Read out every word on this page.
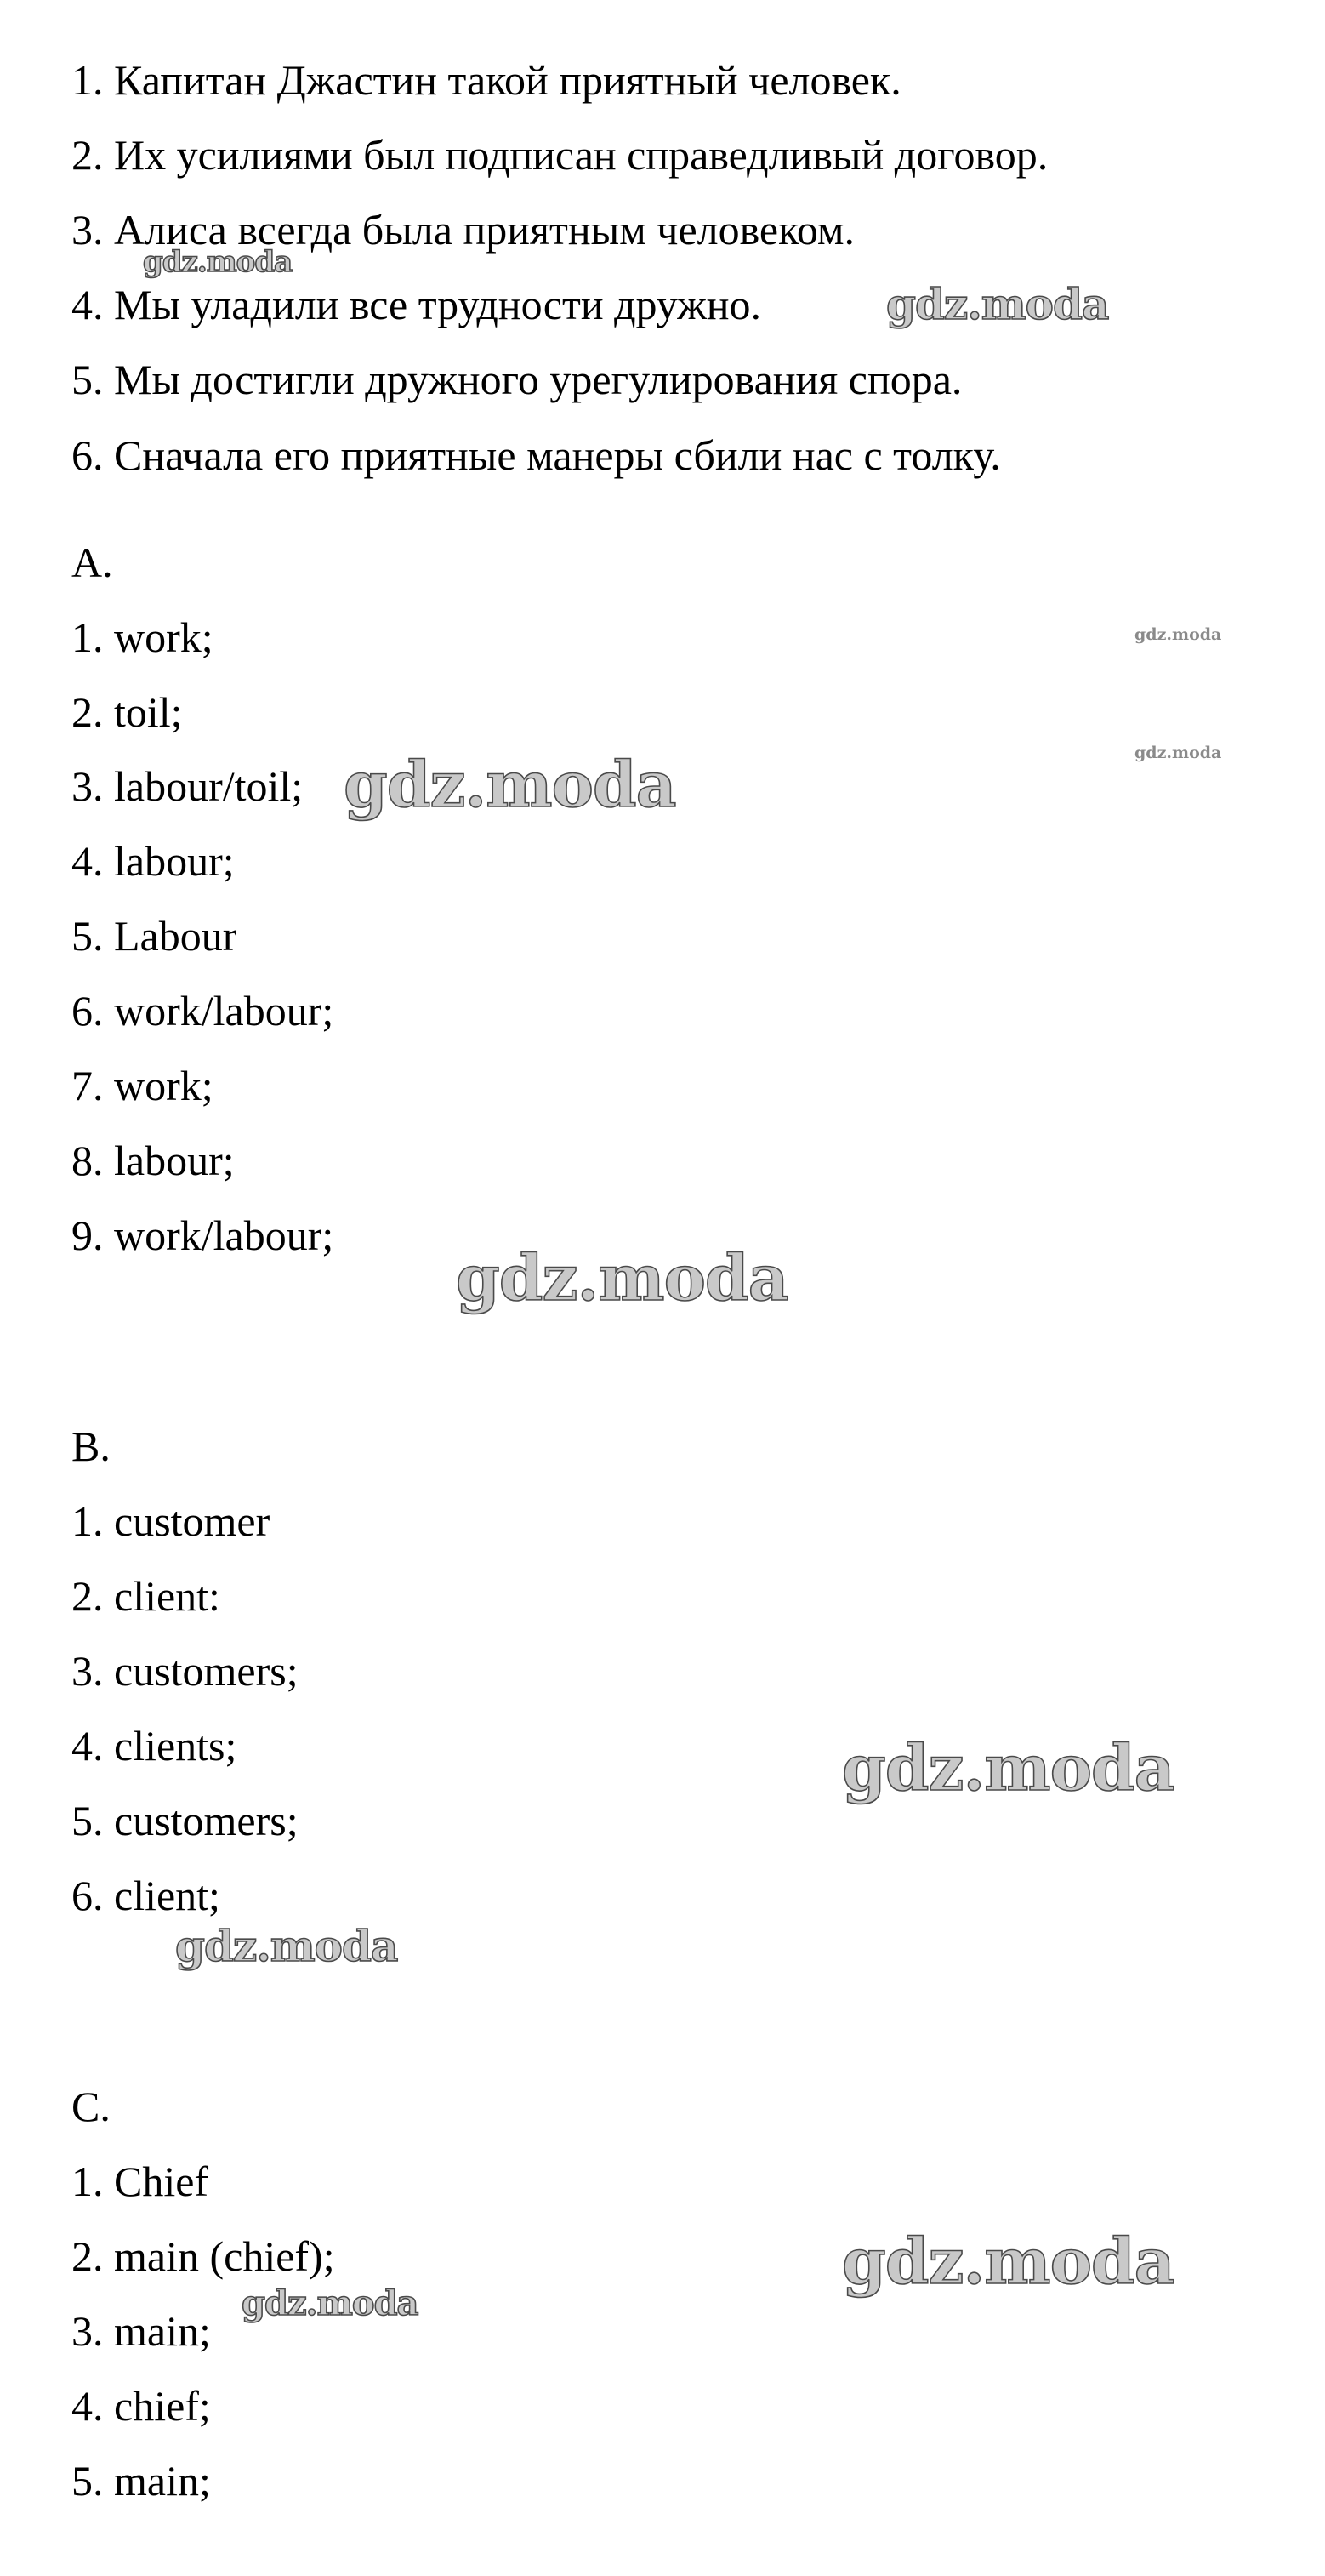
1. Капитан Джастин такой приятный человек.
2. Их усилиями был подписан справедливый договор.
3. Алиса всегда была приятным человеком.
4. Мы уладили все трудности дружно.
5. Мы достигли дружного урегулирования спора.
6. Сначала его приятные манеры сбили нас с толку.
A.
1. work;
2. toil;
3. labour/toil;
4. labour;
5. Labour
6. work/labour;
7. work;
8. labour;
9. work/labour;
B.
1. customer
2. client:
3. customers;
4. clients;
5. customers;
6. client;
C.
1. Chief
2. main (chief);
3. main;
4. chief;
5. main;
gdz.moda
gdz.moda
gdz.moda
gdz.moda
gdz.moda
gdz.moda
gdz.moda
gdz.moda
gdz.moda
gdz.moda
